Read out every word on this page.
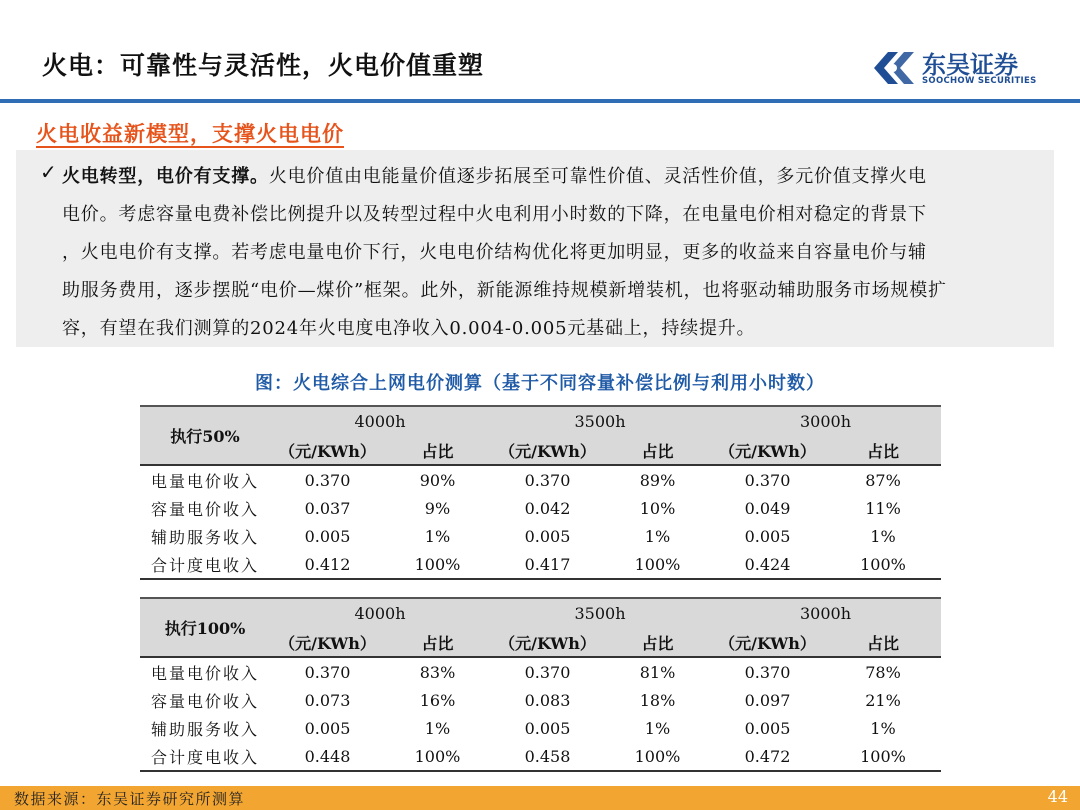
火电：可靠性与灵活性，火电价值重塑	东吴证券
SOOCHOW SECURITIES
火电收益新模型，支撑火电电价
✓ 火电转型，电价有支撑。火电价值由电能量价值逐步拓展至可靠性价值、灵活性价值，多元价值支撑火电
电价。考虑容量电费补偿比例提升以及转型过程中火电利用小时数的下降，在电量电价相对稳定的背景下
，火电电价有支撑。若考虑电量电价下行，火电电价结构优化将更加明显，更多的收益来自容量电价与辅
助服务费用，逐步摆脱“电价—煤价”框架。此外，新能源维持规模新增装机，也将驱动辅助服务市场规模扩
容，有望在我们测算的2024年火电度电净收入0.004-0.005元基础上，持续提升。
图：火电综合上网电价测算（基于不同容量补偿比例与利用小时数）
执行50%	4000h		3500h		3000h	
	（元/KWh）	占比	（元/KWh）	占比	（元/KWh）	占比
电量电价收入	0.370	90%	0.370	89%	0.370	87%
容量电价收入	0.037	9%	0.042	10%	0.049	11%
辅助服务收入	0.005	1%	0.005	1%	0.005	1%
合计度电收入	0.412	100%	0.417	100%	0.424	100%
执行100%	4000h		3500h		3000h	
	（元/KWh）	占比	（元/KWh）	占比	（元/KWh）	占比
电量电价收入	0.370	83%	0.370	81%	0.370	78%
容量电价收入	0.073	16%	0.083	18%	0.097	21%
辅助服务收入	0.005	1%	0.005	1%	0.005	1%
合计度电收入	0.448	100%	0.458	100%	0.472	100%
数据来源：东吴证券研究所测算	44
